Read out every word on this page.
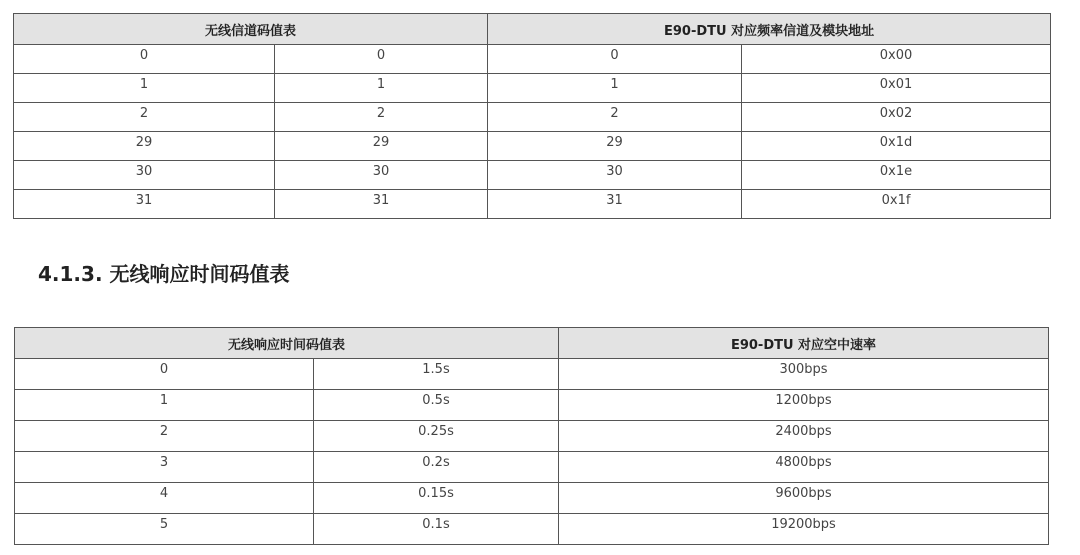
无线信道码值表		E90-DTU 对应频率信道及模块地址	
0	0	0	0x00
1	1	1	0x01
2	2	2	0x02
29	29	29	0x1d
30	30	30	0x1e
31	31	31	0x1f
4.1.3. 无线响应时间码值表
无线响应时间码值表		E90-DTU 对应空中速率
0	1.5s	300bps
1	0.5s	1200bps
2	0.25s	2400bps
3	0.2s	4800bps
4	0.15s	9600bps
5	0.1s	19200bps
